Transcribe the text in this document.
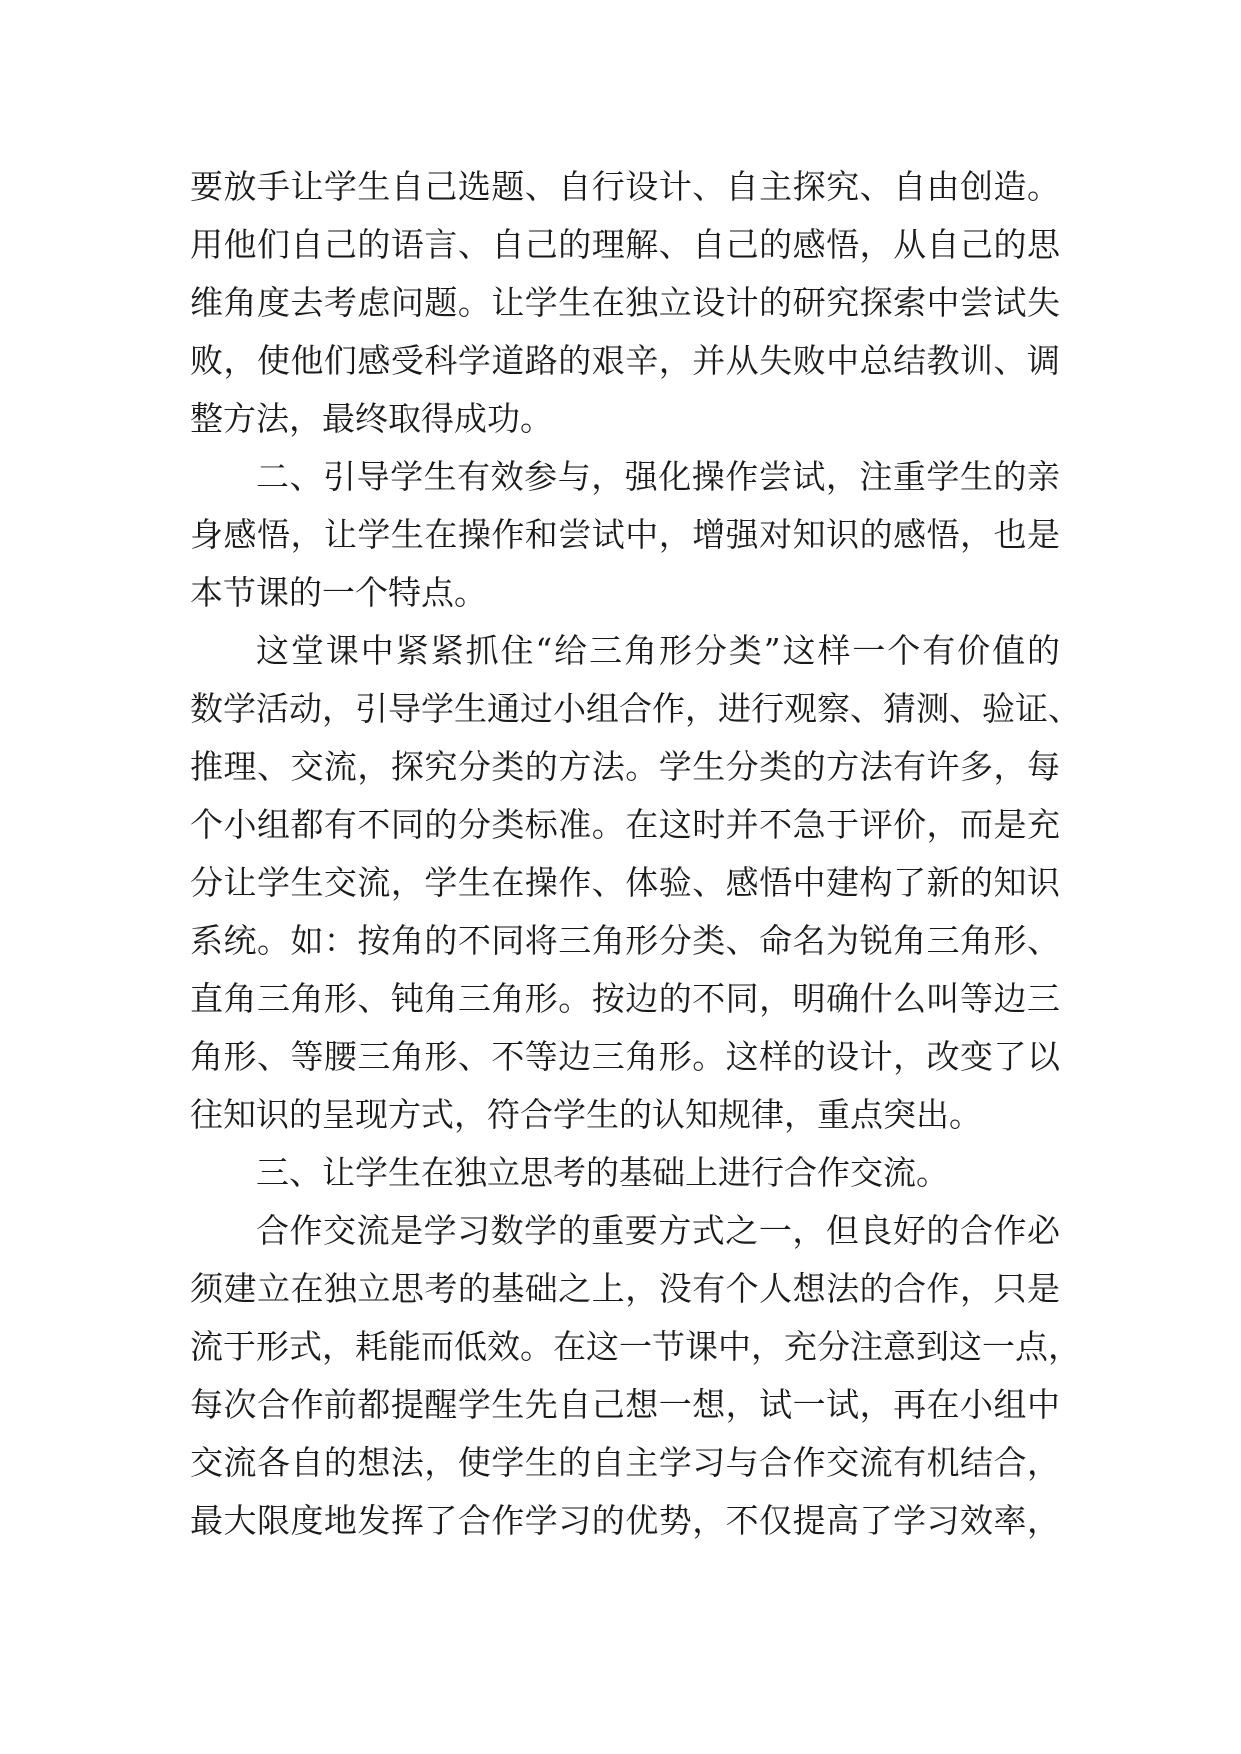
要放手让学生自己选题、自行设计、自主探究、自由创造。
用他们自己的语言、自己的理解、自己的感悟，从自己的思
维角度去考虑问题。让学生在独立设计的研究探索中尝试失
败，使他们感受科学道路的艰辛，并从失败中总结教训、调
整方法，最终取得成功。
二、引导学生有效参与，强化操作尝试，注重学生的亲
身感悟，让学生在操作和尝试中，增强对知识的感悟，也是
本节课的一个特点。
这堂课中紧紧抓住“给三角形分类”这样一个有价值的
数学活动，引导学生通过小组合作，进行观察、猜测、验证、
推理、交流，探究分类的方法。学生分类的方法有许多，每
个小组都有不同的分类标准。在这时并不急于评价，而是充
分让学生交流，学生在操作、体验、感悟中建构了新的知识
系统。如：按角的不同将三角形分类、命名为锐角三角形、
直角三角形、钝角三角形。按边的不同，明确什么叫等边三
角形、等腰三角形、不等边三角形。这样的设计，改变了以
往知识的呈现方式，符合学生的认知规律，重点突出。
三、让学生在独立思考的基础上进行合作交流。
合作交流是学习数学的重要方式之一，但良好的合作必
须建立在独立思考的基础之上，没有个人想法的合作，只是
流于形式，耗能而低效。在这一节课中，充分注意到这一点，
每次合作前都提醒学生先自己想一想，试一试，再在小组中
交流各自的想法，使学生的自主学习与合作交流有机结合，
最大限度地发挥了合作学习的优势，不仅提高了学习效率，
